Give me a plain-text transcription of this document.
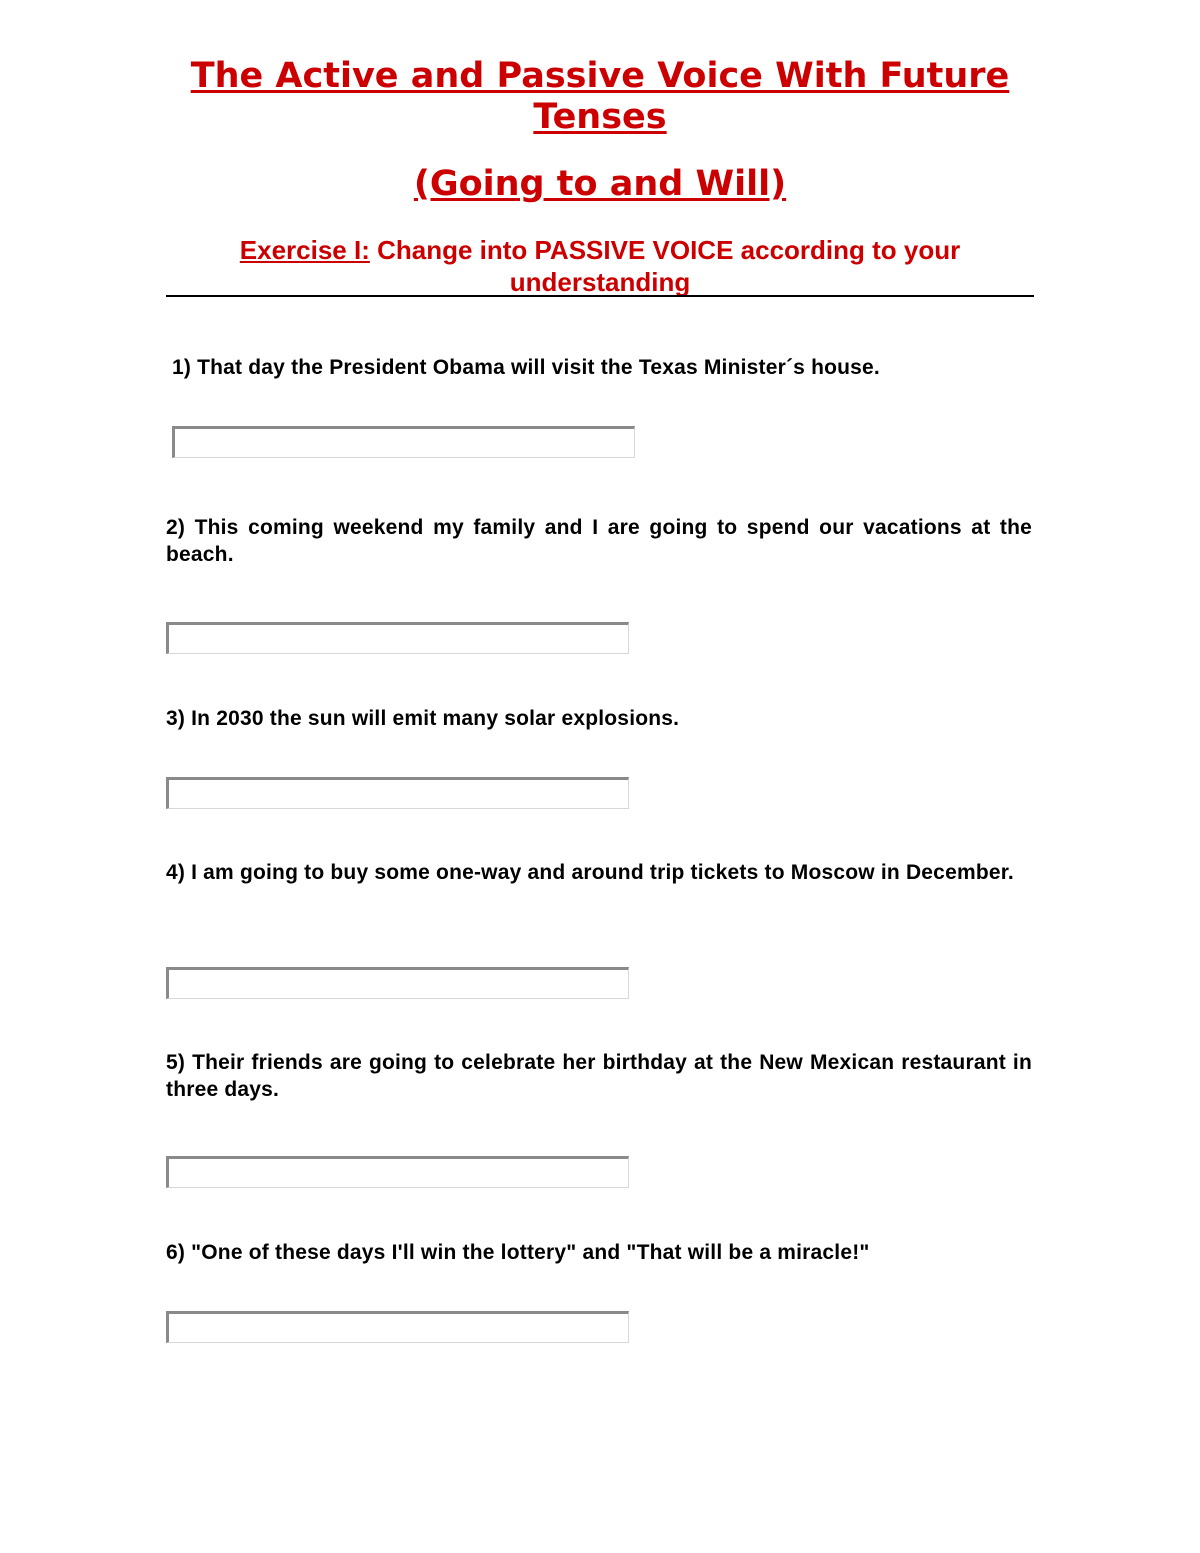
The Active and Passive Voice With Future Tenses
(Going to and Will)

Exercise I: Change into PASSIVE VOICE according to your understanding

1) That day the President Obama will visit the Texas Minister´s house.

2) This coming weekend my family and I are going to spend our vacations at the beach.

3) In 2030 the sun will emit many solar explosions.

4) I am going to buy some one-way and around trip tickets to Moscow in December.

5) Their friends are going to celebrate her birthday at the New Mexican restaurant in three days.

6) "One of these days I'll win the lottery" and "That will be a miracle!"
